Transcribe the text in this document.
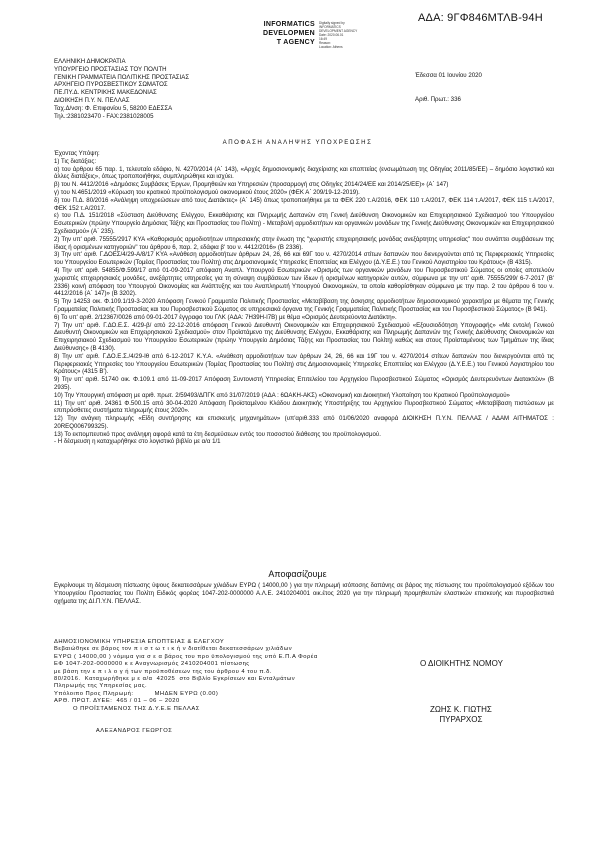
ΑΔΑ: 9ΓΦ846ΜΤΛΒ-94Η
INFORMATICS
DEVELOPMEN
T AGENCY
Digitally signed by
INFORMATICS
DEVELOPMENT AGENCY
Date: 2020.06.01
16:49
Reason:
Location: Athens
ΕΛΛΗΝΙΚΗ ΔΗΜΟΚΡΑΤΙΑ
ΥΠΟΥΡΓΕΙΟ ΠΡΟΣΤΑΣΙΑΣ ΤΟΥ ΠΟΛΙΤΗ
ΓΕΝΙΚΗ ΓΡΑΜΜΑΤΕΙΑ ΠΟΛΙΤΙΚΗΣ ΠΡΟΣΤΑΣΙΑΣ
ΑΡΧΗΓΕΙΟ ΠΥΡΟΣΒΕΣΤΙΚΟΥ ΣΩΜΑΤΟΣ
ΠΕ.ΠΥ.Δ. ΚΕΝΤΡΙΚΗΣ ΜΑΚΕΔΟΝΙΑΣ
ΔΙΟΙΚΗΣΗ Π.Υ. Ν. ΠΕΛΛΑΣ
Ταχ.Δ/νση: Φ. Επιφανίου 5, 58200 ΕΔΕΣΣΑ
Τηλ.:2381023470 - FAX:2381028005
Έδεσσα 01 Ιουνίου 2020
Αριθ. Πρωτ.: 336
ΑΠΟΦΑΣΗ ΑΝΑΛΗΨΗΣ ΥΠΟΧΡΕΩΣΗΣ

Έχοντας Υπόψη:

1) Τις διατάξεις:

α) του άρθρου 65 παρ. 1, τελευταίο εδάφιο, Ν. 4270/2014 (Α΄ 143), «Αρχές δημοσιονομικής διαχείρισης και εποπτείας (ενσωμάτωση της Οδηγίας 2011/85/ΕΕ) – δημόσιο λογιστικό και άλλες διατάξεις», όπως τροποποιήθηκε, συμπληρώθηκε και ισχύει.

β) του Ν. 4412/2016 «Δημόσιες Συμβάσεις Έργων, Προμηθειών και Υπηρεσιών (προσαρμογή στις Οδηγίες 2014/24/ΕΕ και 2014/25/ΕΕ)» (Α΄ 147)

γ) του Ν.4651/2019 «Κύρωση του κρατικού προϋπολογισμού οικονομικού έτους 2020» (ΦΕΚ Α΄ 209/19-12-2019).

δ) του Π.Δ. 80/2016 «Ανάληψη υποχρεώσεων από τους Διατάκτες» (Α΄ 145) όπως τροποποιήθηκε με τα ΦΕΚ 220 τ.Α/2016, ΦΕΚ 110 τ.Α/2017, ΦΕΚ 114 τ.Α/2017, ΦΕΚ 115 τ.Α/2017, ΦΕΚ 152 τ.Α/2017.

ε) του Π.Δ. 151/2018 «Σύσταση Διεύθυνσης Ελέγχου, Εκκαθάρισης και Πληρωμής Δαπανών στη Γενική Διεύθυνση Οικονομικών και Επιχειρησιακού Σχεδιασμού του Υπουργείου Εσωτερικών (πρώην Υπουργείο Δημόσιας Τάξης και Προστασίας του Πολίτη) - Μεταβολή αρμοδιοτήτων και οργανικών μονάδων της Γενικής Διεύθυνσης Οικονομικών και Επιχειρησιακού Σχεδιασμού» (Α΄ 235).

2) Την υπ' αριθ. 75555/2917 ΚΥΑ «Καθορισμός αρμοδιοτήτων υπηρεσιακής στην ένωση της "χωριστής επιχειρησιακής μονάδας ανεξάρτητης υπηρεσίας" που συνάπτει συμβάσεων της ίδιας ή ορισμένων κατηγοριών" του άρθρου 6, παρ. 2, εδάφια β' του ν. 4412/2016» (Β 2336).

3) Την υπ' αριθ. Γ.ΔΟΕΣ/4/29-Α/8/17 ΚΥΑ «Ανάθεση αρμοδιοτήτων άρθρων 24, 26, 66 και 69Γ του ν. 4270/2014 στίτων δαπανών που διενεργούνται από τις Περιφερειακές Υπηρεσίες του Υπουργείου Εσωτερικών (Τομέας Προστασίας του Πολίτη) στις Δημοσιονομικές Υπηρεσίες Εποπτείας και Ελέγχου (Δ.Υ.Ε.Ε.) του Γενικού Λογιστηρίου του Κράτους» (Β 4315).

4) Την υπ' αριθ. 54855/Φ.599/17 από 01-09-2017 απόφαση Αναπλ. Υπουργού Εσωτερικών «Ορισμός των οργανικών μονάδων του Πυροσβεστικού Σώματος οι οποίες αποτελούν χωριστές επιχειρησιακές μονάδες, ανεξάρτητες υπηρεσίες για τη σύναψη συμβάσεων των ίδιων ή ορισμένων κατηγοριών αυτών, σύμφωνα με την υπ' αριθ. 75555/299/ 6-7-2017 (Β' 2336) κοινή απόφαση του Υπουργού Οικονομίας και Ανάπτυξης και του Αναπληρωτή Υπουργού Οικονομικών, τα οποία καθορίσθηκαν σύμφωνα με την παρ. 2 του άρθρου 6 του ν. 4412/2016 (Α΄ 147)» (Β 3202).

5) Την 14253 οικ. Φ.109.1/19-3-2020 Απόφαση Γενικού Γραμματέα Πολιτικής Προστασίας «Μεταβίβαση της άσκησης αρμοδιοτήτων δημοσιονομικού χαρακτήρα με θέματα της Γενικής Γραμματείας Πολιτικής Προστασίας και του Πυροσβεστικού Σώματος σε υπηρεσιακά όργανα της Γενικής Γραμματείας Πολιτικής Προστασίας και του Πυροσβεστικού Σώματος» (Β 941).

6) Το υπ' αριθ. 2/12367/0026 από 09-01-2017 έγγραφο του ΓΛΚ (ΑΔΑ: 7Η39Η-Ι7Β) με θέμα «Ορισμός Δευτερεύοντα Διατάκτη».

7) Την υπ' αριθ. Γ.ΔΟ.Ε.Σ. 4/29-β/ από 22-12-2016 απόφαση Γενικού Διευθυντή Οικονομικών και Επιχειρησιακού Σχεδιασμού «Εξουσιοδότηση Υπογραφής» «Με εντολή Γενικού Διευθυντή Οικονομικών και Επιχειρησιακού Σχεδιασμού» στον Προϊστάμενο της Διεύθυνσης Ελέγχου, Εκκαθάρισης και Πληρωμής Δαπανών της Γενικής Διεύθυνσης Οικονομικών και Επιχειρησιακού Σχεδιασμού του Υπουργείου Εσωτερικών (πρώην Υπουργείο Δημόσιας Τάξης και Προστασίας του Πολίτη) καθώς και στους Προϊσταμένους των Τμημάτων της ίδιας Διεύθυνσης» (Β 4130).

8) Την υπ' αριθ. Γ.ΔΟ.Ε.Σ./4/29-Ιθ από 6-12-2017 Κ.Υ.Α. «Ανάθεση αρμοδιοτήτων των άρθρων 24, 26, 66 και 19Γ του ν. 4270/2014 στίτων δαπανών που διενεργούνται από τις Περιφερειακές Υπηρεσίες του Υπουργείου Εσωτερικών (Τομέας Προστασίας του Πολίτη) στις Δημοσιονομικές Υπηρεσίες Εποπτείας και Ελέγχου (Δ.Υ.Ε.Ε.) του Γενικού Λογιστηρίου του Κράτους» (4315 Β').

9) Την υπ' αριθ. 51740 οικ. Φ.109.1 από 11-09-2017 Απόφαση Συντονιστή Υπηρεσίας Επιτελείου του Αρχηγείου Πυροσβεστικού Σώματος «Ορισμός Δευτερευόντων Διατακτών» (Β 2935).

10) Την Υπουργική απόφαση με αριθ. πρωτ. 2/59493/ΔΠΓΚ από 31/07/2019 (ΑΔΑ : 6ΩΑΚΗ-ΑΚΣ) «Οικονομική και Διοικητική Υλοποίηση του Κρατικού Προϋπολογισμού»

11) Την υπ' αριθ. 24361 Φ.500.15 από 30-04-2020 Απόφαση Προϊσταμένου Κλάδου Διοικητικής Υποστήριξης του Αρχηγείου Πυροσβεστικού Σώματος «Μεταβίβαση πιστώσεων με επιπρόσθετες συστήματα πληρωμής έτους 2020».

12) Την ανάγκη πληρωμής «Είδη συντήρησης και επισκευής μηχανημάτων» (υπ'αριθ.333 από 01/06/2020 αναφορά ΔΙΟΙΚΗΣΗ Π.Υ.Ν. ΠΕΛΛΑΣ / ΑΔΑΜ ΑΙΤΗΜΑΤΟΣ : 20REQ006799325).

13) Το εκπομπευτικό προς ανάληψη αφορά κατά τα έτη δεσμεύσεων εντός του ποσοστού διάθεσης του προϋπολογισμού.

- Η δέσμευση η καταχωρήθηκε στο λογιστικό βιβλίο με α/α 1/1

Αποφασίζουμε
Εγκρίνουμε τη δέσμευση πίστωσης ύψους δεκατεσσάρων χιλιάδων ΕΥΡΩ ( 14000,00 ) για την πληρωμή ισόποσης δαπάνης σε βάρος της πίστωσης του προϋπολογισμού εξόδων του Υπουργείου Προστασίας του Πολίτη Ειδικός φορέας 1047-202-0000000 Α.Λ.Ε. 2410204001 οικ.έτος 2020 για την πληρωμή προμηθευτών ελαστικών επισκευής και πυροσβεστικά οχήματα της ΔΙ.Π.Υ.Ν. ΠΕΛΛΑΣ.
ΔΗΜΟΣΙΟΝΟΜΙΚΗ ΥΠΗΡΕΣΙΑ ΕΠΟΠΤΕΙΑΣ & ΕΛΕΓΧΟΥ
Βεβαιώθηκε σε βάρος τον π ι σ τ ω τ ι κ ή ν διατίθεται δεκατεσσάρων χιλιάδων
ΕΥΡΩ ( 14000,00 ) νόμιμα για σ ε α βάρος του προ ϋπολογισμού της υπό Ε.Π.Α Φορέα
ΕΦ 1047-202-0000000 κ ε Αναγνωρισμός 2410204001 πίστωσης
με βάση την ε π ι λ ο γ ή των προϋποθέσεων της του άρθρου 4 του π.δ.
80/2016.  Καταχωρήθηκε μ ε α/α  42025  στο Βιβλίο Εγκρίσεων και Ενταλμάτων
Πληρωμής της Υπηρεσίας μας.
Υπόλοιπο Προς Πληρωμή:          ΜΗΔΕΝ ΕΥΡΩ (0.00)
ΑΡΘ. ΠΡΩΤ. ΔΥΕΕ:  465 / 01 – 06 – 2020
Ο ΠΡΟΪΣΤΑΜΕΝΟΣ ΤΗΣ Δ.Υ.Ε.Ε ΠΕΛΛΑΣ
ΑΛΕΞΑΝΔΡΟΣ ΓΕΩΡΓΟΣ
Ο ΔΙΟΙΚΗΤΗΣ ΝΟΜΟΥ
ΖΩΗΣ Κ. ΓΙΩΤΗΣ
ΠΥΡΑΡΧΟΣ
